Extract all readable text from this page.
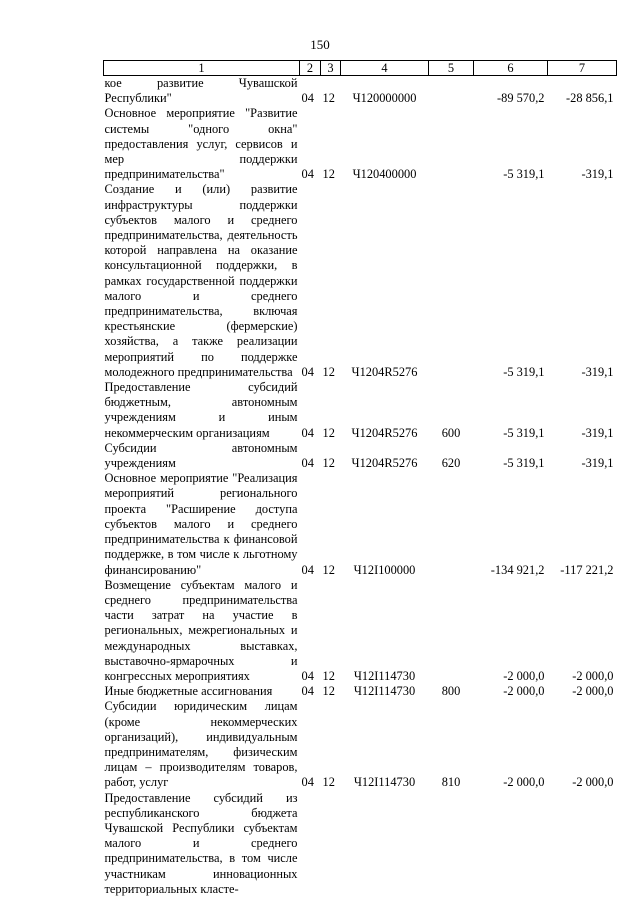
150
1	2	3	4	5	6	7
кое развитие Чувашской Республики"	04	12	Ч120000000		-89 570,2	-28 856,1
Основное мероприятие "Развитие системы "одного окна" предоставления услуг, сервисов и мер поддержки предпринимательства"	04	12	Ч120400000		-5 319,1	-319,1
Создание и (или) развитие инфраструктуры поддержки субъектов малого и среднего предпринимательства, деятельность которой направлена на оказание консультационной поддержки, в рамках государственной поддержки малого и среднего предпринимательства, включая крестьянские (фермерские) хозяйства, а также реализации мероприятий по поддержке молодежного предпринимательства	04	12	Ч1204R5276		-5 319,1	-319,1
Предоставление субсидий бюджетным, автономным учреждениям и иным некоммерческим организациям	04	12	Ч1204R5276	600	-5 319,1	-319,1
Субсидии автономным учреждениям	04	12	Ч1204R5276	620	-5 319,1	-319,1
Основное мероприятие "Реализация мероприятий регионального проекта "Расширение доступа субъектов малого и среднего предпринимательства к финансовой поддержке, в том числе к льготному финансированию"	04	12	Ч12I100000		-134 921,2	-117 221,2
Возмещение субъектам малого и среднего предпринимательства части затрат на участие в региональных, межрегиональных и международных выставках, выставочно-ярмарочных и конгрессных мероприятиях	04	12	Ч12I114730		-2 000,0	-2 000,0
Иные бюджетные ассигнования	04	12	Ч12I114730	800	-2 000,0	-2 000,0
Субсидии юридическим лицам (кроме некоммерческих организаций), индивидуальным предпринимателям, физическим лицам – производителям товаров, работ, услуг	04	12	Ч12I114730	810	-2 000,0	-2 000,0
Предоставление субсидий из республиканского бюджета Чувашской Республики субъектам малого и среднего предпринимательства, в том числе участникам инновационных территориальных класте-						
